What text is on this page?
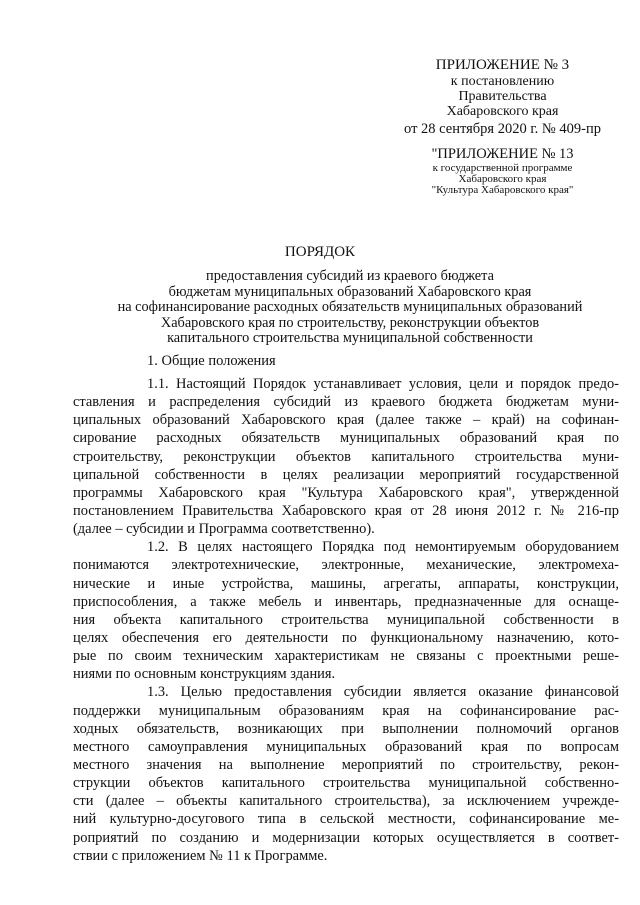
ПРИЛОЖЕНИЕ № 3
к постановлению
Правительства
Хабаровского края
от 28 сентября 2020 г. № 409-пр
"ПРИЛОЖЕНИЕ № 13
к государственной программе
Хабаровского края
"Культура Хабаровского края"
ПОРЯДОК
предоставления субсидий из краевого бюджета
бюджетам муниципальных образований Хабаровского края
на софинансирование расходных обязательств муниципальных образований
Хабаровского края по строительству, реконструкции объектов
капитального строительства муниципальной собственности
1. Общие положения
1.1. Настоящий Порядок устанавливает условия, цели и порядок предо-
ставления и распределения субсидий из краевого бюджета бюджетам муни-
ципальных образований Хабаровского края (далее также – край) на софинан-
сирование расходных обязательств муниципальных образований края по
строительству, реконструкции объектов капитального строительства муни-
ципальной собственности в целях реализации мероприятий государственной
программы Хабаровского края "Культура Хабаровского края", утвержденной
постановлением Правительства Хабаровского края от 28 июня 2012 г. № 216-пр
(далее – субсидии и Программа соответственно).
1.2. В целях настоящего Порядка под немонтируемым оборудованием
понимаются электротехнические, электронные, механические, электромеха-
нические и иные устройства, машины, агрегаты, аппараты, конструкции,
приспособления, а также мебель и инвентарь, предназначенные для оснаще-
ния объекта капитального строительства муниципальной собственности в
целях обеспечения его деятельности по функциональному назначению, кото-
рые по своим техническим характеристикам не связаны с проектными реше-
ниями по основным конструкциям здания.
1.3. Целью предоставления субсидии является оказание финансовой
поддержки муниципальным образованиям края на софинансирование рас-
ходных обязательств, возникающих при выполнении полномочий органов
местного самоуправления муниципальных образований края по вопросам
местного значения на выполнение мероприятий по строительству, рекон-
струкции объектов капитального строительства муниципальной собственно-
сти (далее – объекты капитального строительства), за исключением учрежде-
ний культурно-досугового типа в сельской местности, софинансирование ме-
роприятий по созданию и модернизации которых осуществляется в соответ-
ствии с приложением № 11 к Программе.
